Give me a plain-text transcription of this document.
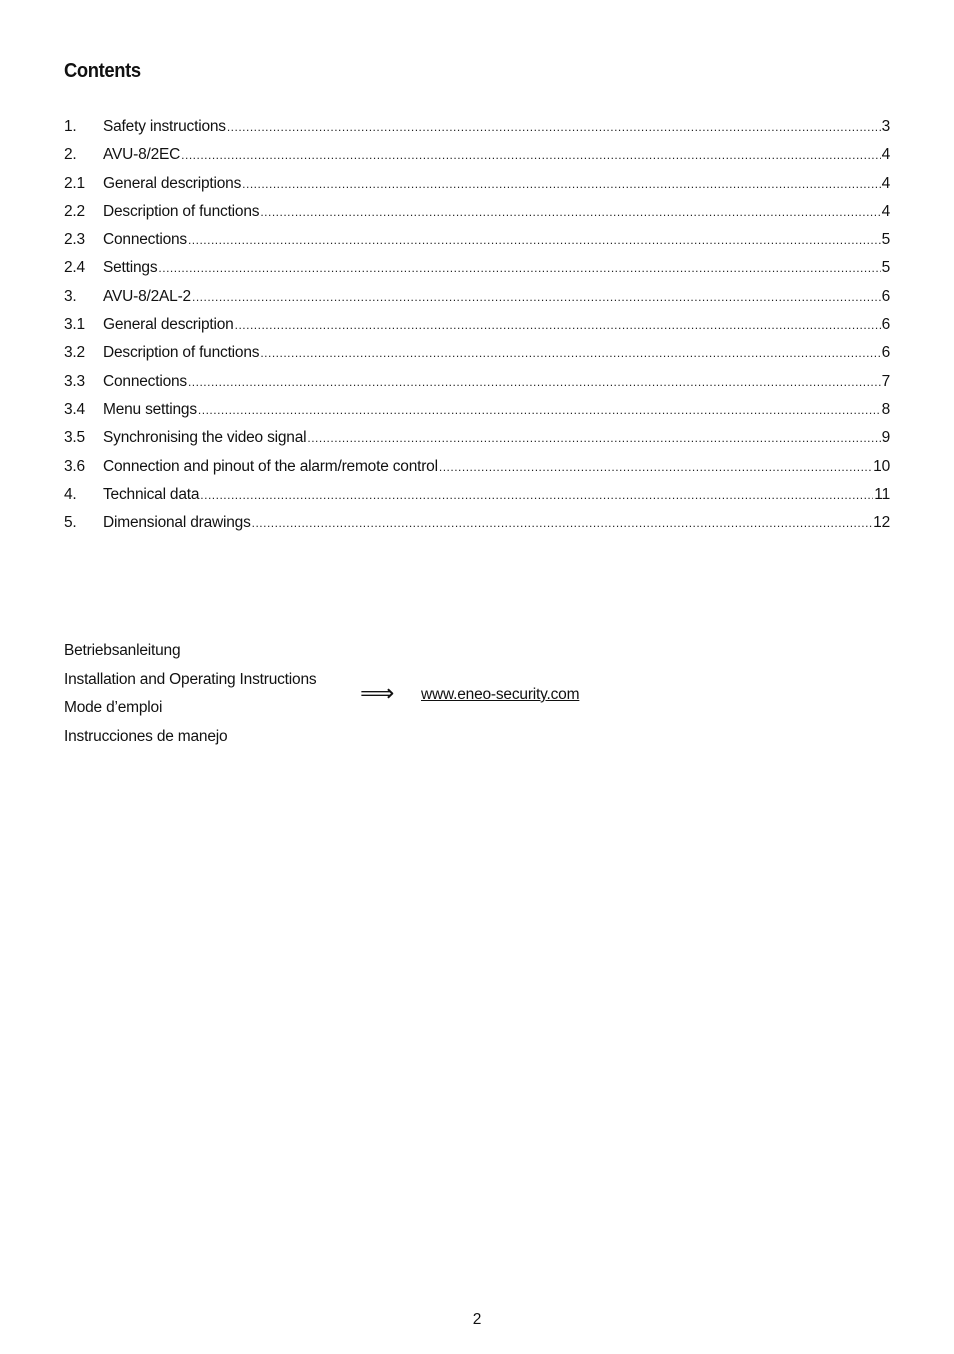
Contents
1.	Safety instructions .....	3
2.	AVU-8/2EC .....	4
2.1	General descriptions .....	4
2.2	Description of functions .....	4
2.3	Connections .....	5
2.4	Settings .....	5
3.	AVU-8/2AL-2 .....	6
3.1	General description .....	6
3.2	Description of functions .....	6
3.3	Connections .....	7
3.4	Menu settings .....	8
3.5	Synchronising the video signal .....	9
3.6	Connection and pinout of the alarm/remote control .....	10
4.	Technical data .....	11
5.	Dimensional drawings .....	12
Betriebsanleitung
Installation and Operating Instructions
Mode d’emploi
Instrucciones de manejo
⟹ www.eneo-security.com
2
